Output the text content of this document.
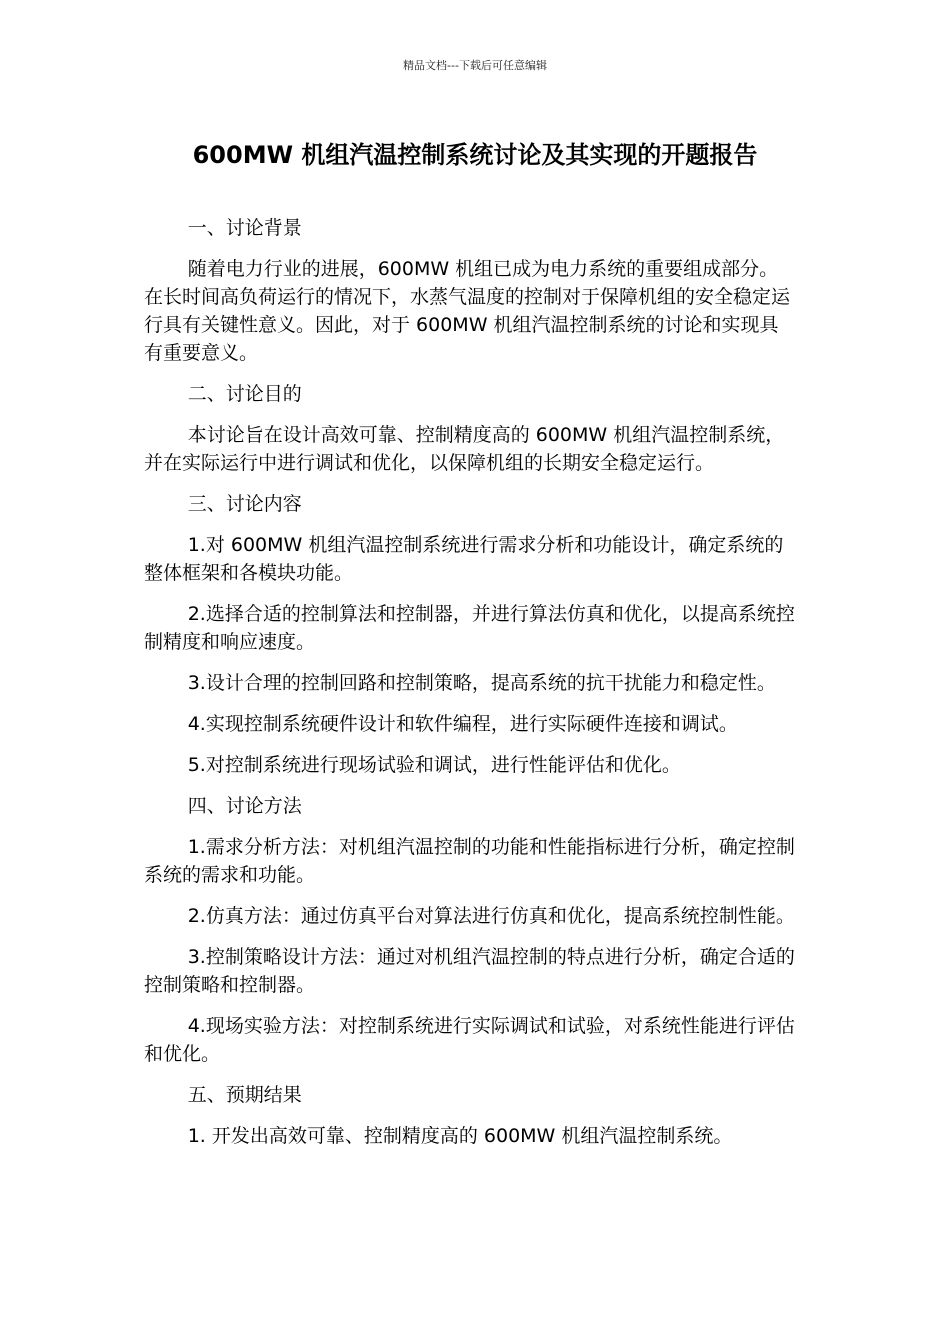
精品文档---下载后可任意编辑
600MW 机组汽温控制系统讨论及其实现的开题报告

一、讨论背景

随着电力行业的进展，600MW 机组已成为电力系统的重要组成部分。在长时间高负荷运行的情况下，水蒸气温度的控制对于保障机组的安全稳定运行具有关键性意义。因此，对于 600MW 机组汽温控制系统的讨论和实现具有重要意义。

二、讨论目的

本讨论旨在设计高效可靠、控制精度高的 600MW 机组汽温控制系统，并在实际运行中进行调试和优化，以保障机组的长期安全稳定运行。

三、讨论内容

1.对 600MW 机组汽温控制系统进行需求分析和功能设计，确定系统的整体框架和各模块功能。

2.选择合适的控制算法和控制器，并进行算法仿真和优化，以提高系统控制精度和响应速度。

3.设计合理的控制回路和控制策略，提高系统的抗干扰能力和稳定性。

4.实现控制系统硬件设计和软件编程，进行实际硬件连接和调试。

5.对控制系统进行现场试验和调试，进行性能评估和优化。

四、讨论方法

1.需求分析方法：对机组汽温控制的功能和性能指标进行分析，确定控制系统的需求和功能。

2.仿真方法：通过仿真平台对算法进行仿真和优化，提高系统控制性能。

3.控制策略设计方法：通过对机组汽温控制的特点进行分析，确定合适的控制策略和控制器。

4.现场实验方法：对控制系统进行实际调试和试验，对系统性能进行评估和优化。

五、预期结果

1. 开发出高效可靠、控制精度高的 600MW 机组汽温控制系统。
